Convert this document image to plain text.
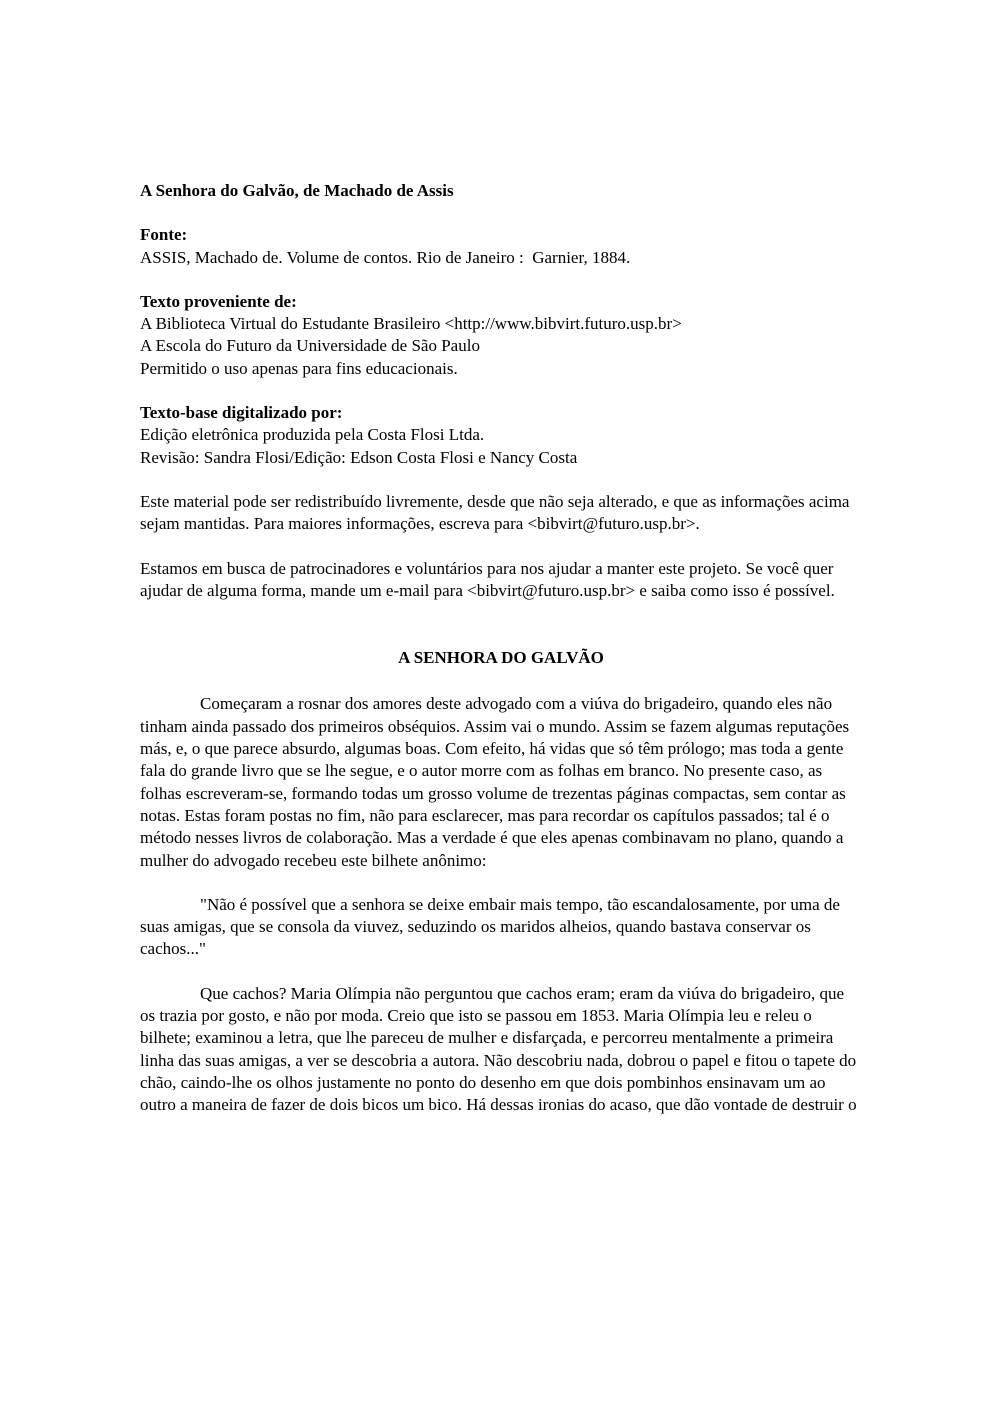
A Senhora do Galvão, de Machado de Assis
Fonte:
ASSIS, Machado de. Volume de contos. Rio de Janeiro :  Garnier, 1884.
Texto proveniente de:
A Biblioteca Virtual do Estudante Brasileiro <http://www.bibvirt.futuro.usp.br>
A Escola do Futuro da Universidade de São Paulo
Permitido o uso apenas para fins educacionais.
Texto-base digitalizado por:
Edição eletrônica produzida pela Costa Flosi Ltda.
Revisão: Sandra Flosi/Edição: Edson Costa Flosi e Nancy Costa
Este material pode ser redistribuído livremente, desde que não seja alterado, e que as informações acima sejam mantidas. Para maiores informações, escreva para <bibvirt@futuro.usp.br>.
Estamos em busca de patrocinadores e voluntários para nos ajudar a manter este projeto. Se você quer ajudar de alguma forma, mande um e-mail para <bibvirt@futuro.usp.br> e saiba como isso é possível.
A SENHORA DO GALVÃO
Começaram a rosnar dos amores deste advogado com a viúva do brigadeiro, quando eles não tinham ainda passado dos primeiros obséquios. Assim vai o mundo. Assim se fazem algumas reputações más, e, o que parece absurdo, algumas boas. Com efeito, há vidas que só têm prólogo; mas toda a gente fala do grande livro que se lhe segue, e o autor morre com as folhas em branco. No presente caso, as folhas escreveram-se, formando todas um grosso volume de trezentas páginas compactas, sem contar as notas. Estas foram postas no fim, não para esclarecer, mas para recordar os capítulos passados; tal é o método nesses livros de colaboração. Mas a verdade é que eles apenas combinavam no plano, quando a mulher do advogado recebeu este bilhete anônimo:
"Não é possível que a senhora se deixe embair mais tempo, tão escandalosamente, por uma de suas amigas, que se consola da viuvez, seduzindo os maridos alheios, quando bastava conservar os cachos..."
Que cachos? Maria Olímpia não perguntou que cachos eram; eram da viúva do brigadeiro, que os trazia por gosto, e não por moda. Creio que isto se passou em 1853. Maria Olímpia leu e releu o bilhete; examinou a letra, que lhe pareceu de mulher e disfarçada, e percorreu mentalmente a primeira linha das suas amigas, a ver se descobria a autora. Não descobriu nada, dobrou o papel e fitou o tapete do chão, caindo-lhe os olhos justamente no ponto do desenho em que dois pombinhos ensinavam um ao outro a maneira de fazer de dois bicos um bico. Há dessas ironias do acaso, que dão vontade de destruir o
